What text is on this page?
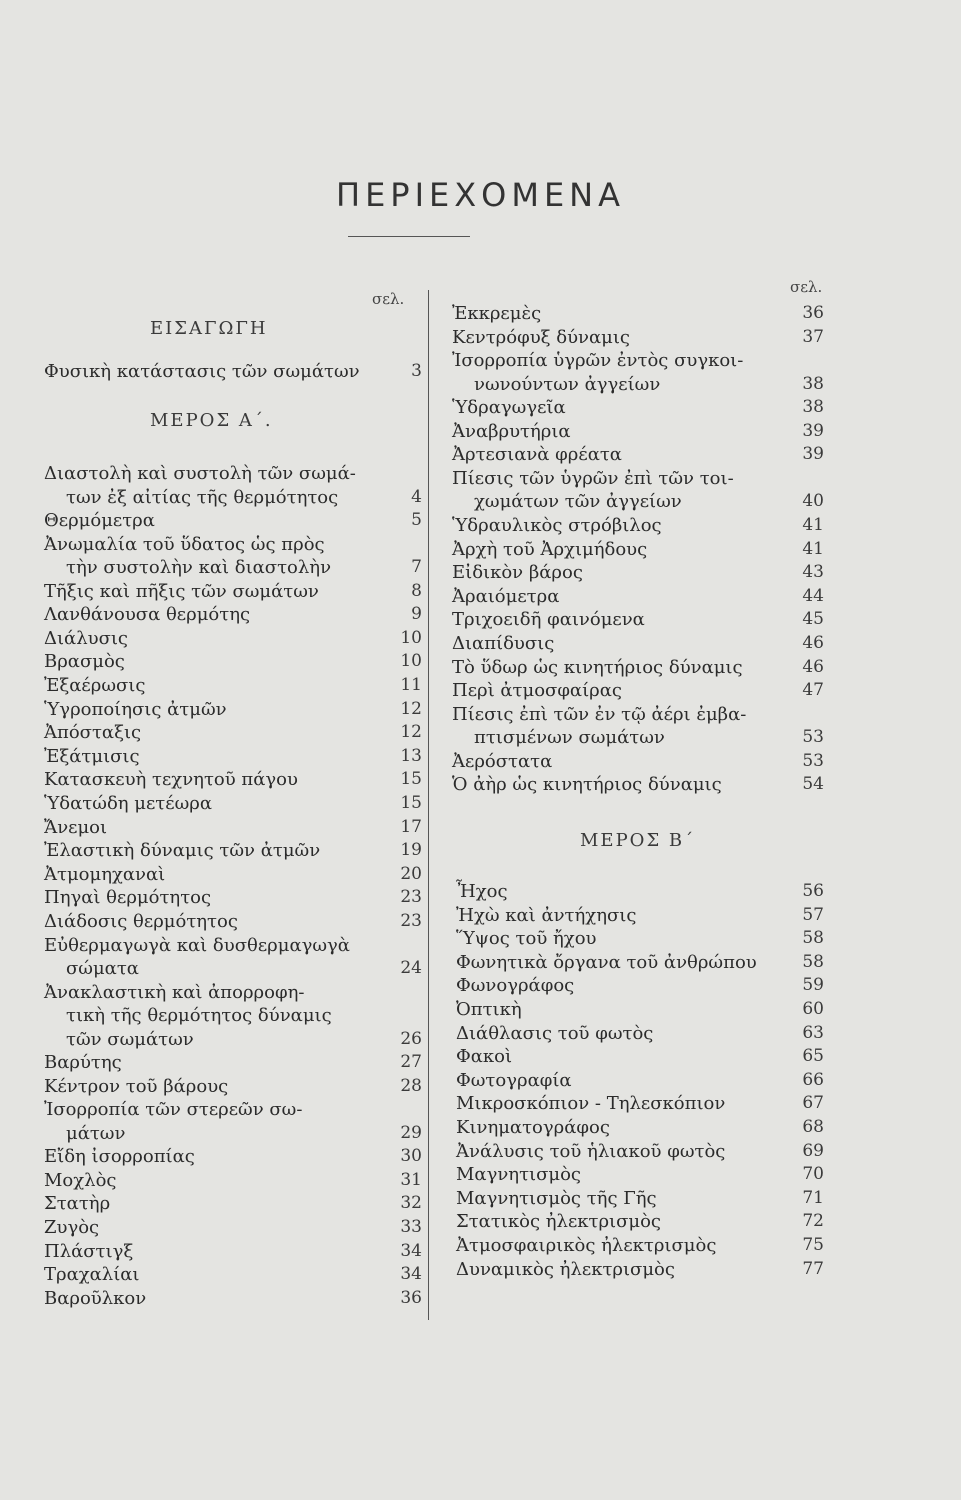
ΠΕΡΙΕΧΟΜΕΝΑ
ΕΙΣΑΓΩΓΗ
σελ.
σελ.
Φυσικὴ κατάστασις τῶν σωμάτων	3
ΜΕΡΟΣ Α΄.
Διαστολὴ καὶ συστολὴ τῶν σωμά-
των ἐξ αἰτίας τῆς θερμότητος	4
Θερμόμετρα	5
Ἀνωμαλία τοῦ ὕδατος ὡς πρὸς
τὴν συστολὴν καὶ διαστολὴν	7
Τῆξις καὶ πῆξις τῶν σωμάτων	8
Λανθάνουσα θερμότης	9
Διάλυσις	10
Βρασμὸς	10
Ἐξαέρωσις	11
Ὑγροποίησις ἀτμῶν	12
Ἀπόσταξις	12
Ἐξάτμισις	13
Κατασκευὴ τεχνητοῦ πάγου	15
Ὑδατώδη μετέωρα	15
Ἄνεμοι	17
Ἐλαστικὴ δύναμις τῶν ἀτμῶν	19
Ἀτμομηχαναὶ	20
Πηγαὶ θερμότητος	23
Διάδοσις θερμότητος	23
Εὐθερμαγωγὰ καὶ δυσθερμαγωγὰ
σώματα	24
Ἀνακλαστικὴ καὶ ἀπορροφη-
τικὴ τῆς θερμότητος δύναμις
τῶν σωμάτων	26
Βαρύτης	27
Κέντρον τοῦ βάρους	28
Ἰσορροπία τῶν στερεῶν σω-
μάτων	29
Εἴδη ἰσορροπίας	30
Μοχλὸς	31
Στατὴρ	32
Ζυγὸς	33
Πλάστιγξ	34
Τραχαλίαι	34
Βαροῦλκον	36
Ἐκκρεμὲς	36
Κεντρόφυξ δύναμις	37
Ἰσορροπία ὑγρῶν ἐντὸς συγκοι-
νωνούντων ἀγγείων	38
Ὑδραγωγεῖα	38
Ἀναβρυτήρια	39
Ἀρτεσιανὰ φρέατα	39
Πίεσις τῶν ὑγρῶν ἐπὶ τῶν τοι-
χωμάτων τῶν ἀγγείων	40
Ὑδραυλικὸς στρόβιλος	41
Ἀρχὴ τοῦ Ἀρχιμήδους	41
Εἰδικὸν βάρος	43
Ἀραιόμετρα	44
Τριχοειδῆ φαινόμενα	45
Διαπίδυσις	46
Τὸ ὕδωρ ὡς κινητήριος δύναμις	46
Περὶ ἀτμοσφαίρας	47
Πίεσις ἐπὶ τῶν ἐν τῷ ἀέρι ἐμβα-
πτισμένων σωμάτων	53
Ἀερόστατα	53
Ὁ ἀὴρ ὡς κινητήριος δύναμις	54
ΜΕΡΟΣ Β΄
Ἦχος	56
Ἠχὼ καὶ ἀντήχησις	57
Ὕψος τοῦ ἤχου	58
Φωνητικὰ ὄργανα τοῦ ἀνθρώπου	58
Φωνογράφος	59
Ὀπτικὴ	60
Διάθλασις τοῦ φωτὸς	63
Φακοὶ	65
Φωτογραφία	66
Μικροσκόπιον - Τηλεσκόπιον	67
Κινηματογράφος	68
Ἀνάλυσις τοῦ ἡλιακοῦ φωτὸς	69
Μαγνητισμὸς	70
Μαγνητισμὸς τῆς Γῆς	71
Στατικὸς ἠλεκτρισμὸς	72
Ἀτμοσφαιρικὸς ἠλεκτρισμὸς	75
Δυναμικὸς ἠλεκτρισμὸς	77
